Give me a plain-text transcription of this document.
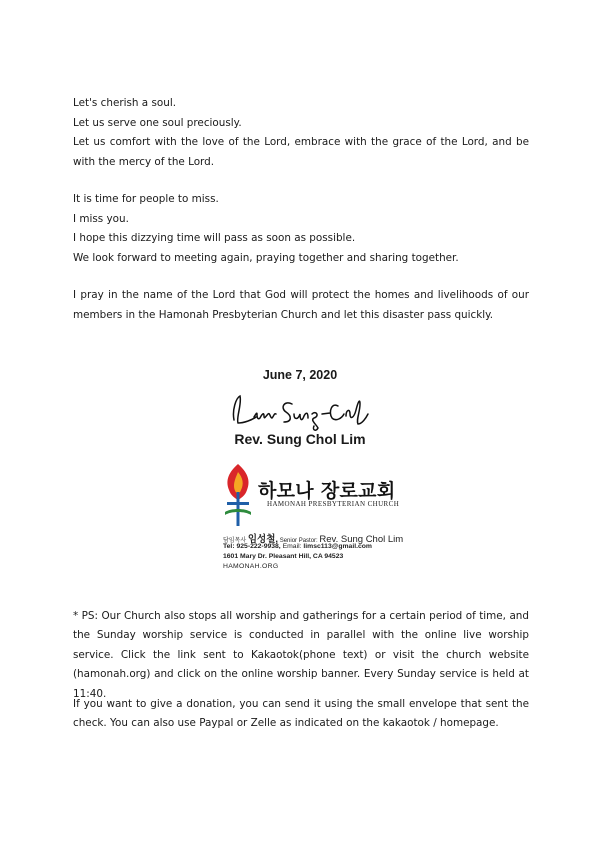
Let's cherish a soul.

Let us serve one soul preciously.

Let us comfort with the love of the Lord, embrace with the grace of the Lord, and be with the mercy of the Lord.

It is time for people to miss.

I miss you.

I hope this dizzying time will pass as soon as possible.

We look forward to meeting again, praying together and sharing together.

I pray in the name of the Lord that God will protect the homes and livelihoods of our members in the Hamonah Presbyterian Church and let this disaster pass quickly.
June 7, 2020
Rev. Sung Chol Lim
하모나 장로교회
HAMONAH PRESBYTERIAN CHURCH
담임목사 임성철, Senior Pastor: Rev. Sung Chol Lim
Tel: 925-222-9938, Email: limsc113@gmail.com
1601 Mary Dr. Pleasant Hill, CA 94523
HAMONAH.ORG
* PS: Our Church also stops all worship and gatherings for a certain period of time, and the Sunday worship service is conducted in parallel with the online live worship service. Click the link sent to Kakaotok(phone text) or visit the church website (hamonah.org) and click on the online worship banner. Every Sunday service is held at 11:40.
If you want to give a donation, you can send it using the small envelope that sent the check. You can also use Paypal or Zelle as indicated on the kakaotok / homepage.
